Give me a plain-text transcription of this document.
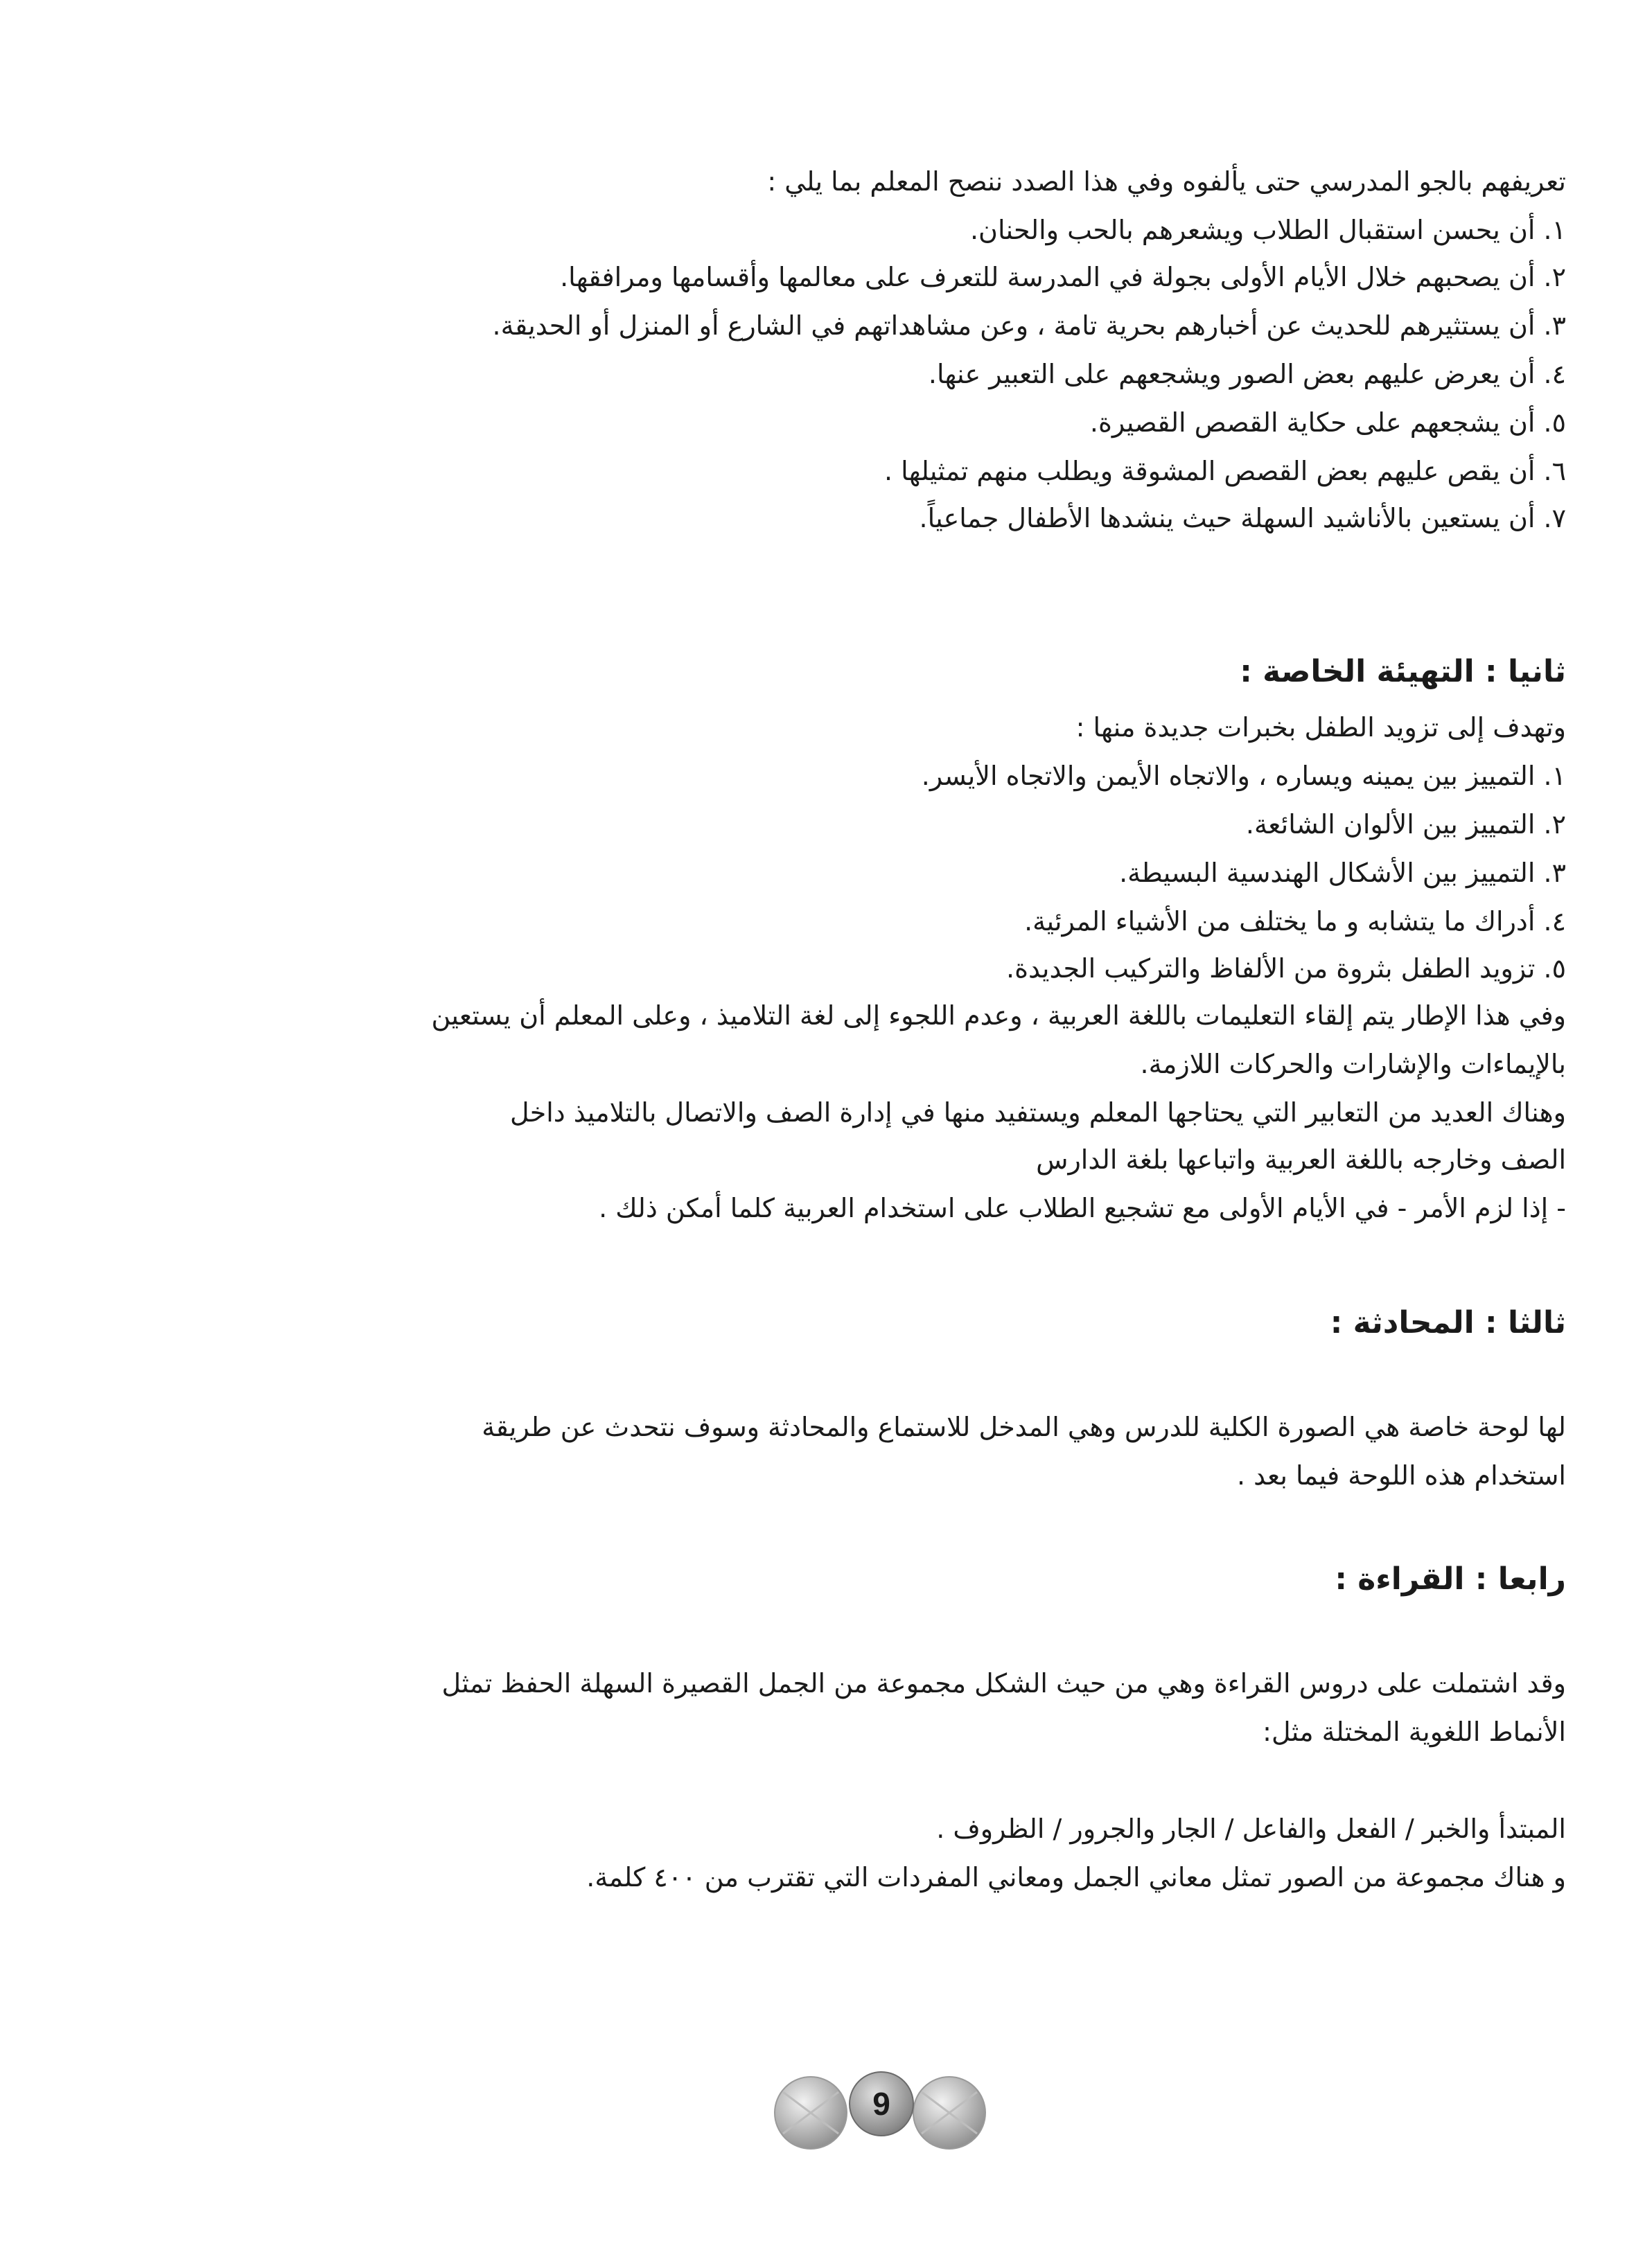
تعريفهم بالجو المدرسي حتى يألفوه وفي هذا الصدد ننصح المعلم بما يلي :
١. أن يحسن استقبال الطلاب ويشعرهم بالحب والحنان.
٢. أن يصحبهم خلال الأيام الأولى بجولة في المدرسة للتعرف على معالمها وأقسامها ومرافقها.
٣. أن يستثيرهم للحديث عن أخبارهم بحرية تامة ، وعن مشاهداتهم في الشارع أو المنزل أو الحديقة.
٤. أن يعرض عليهم بعض الصور ويشجعهم على التعبير عنها.
٥. أن يشجعهم على حكاية القصص القصيرة.
٦. أن يقص عليهم بعض القصص المشوقة ويطلب منهم تمثيلها .
٧. أن يستعين بالأناشيد السهلة حيث ينشدها الأطفال جماعياً.
ثانيا : التهيئة الخاصة :
وتهدف إلى تزويد الطفل بخبرات جديدة منها :
١. التمييز بين يمينه ويساره ، والاتجاه الأيمن والاتجاه الأيسر.
٢. التمييز بين الألوان الشائعة.
٣. التمييز بين الأشكال الهندسية البسيطة.
٤. أدراك ما يتشابه و ما يختلف من الأشياء المرئية.
٥. تزويد الطفل بثروة من الألفاظ والتركيب الجديدة.
وفي هذا الإطار يتم إلقاء التعليمات باللغة العربية ، وعدم اللجوء إلى لغة التلاميذ ، وعلى المعلم أن يستعين
بالإيماءات والإشارات والحركات اللازمة.
وهناك العديد من التعابير التي يحتاجها المعلم ويستفيد منها في إدارة الصف والاتصال بالتلاميذ داخل
الصف وخارجه باللغة العربية واتباعها بلغة الدارس
- إذا لزم الأمر - في الأيام الأولى مع تشجيع الطلاب على استخدام العربية كلما أمكن ذلك .
ثالثا : المحادثة :
لها لوحة خاصة هي الصورة الكلية للدرس وهي المدخل للاستماع والمحادثة وسوف نتحدث عن طريقة
استخدام هذه اللوحة فيما بعد .
رابعا : القراءة :
وقد اشتملت على دروس القراءة وهي من حيث الشكل مجموعة من الجمل القصيرة السهلة الحفظ تمثل
الأنماط اللغوية المختلة مثل:
المبتدأ والخبر / الفعل والفاعل / الجار والجرور / الظروف .
و هناك مجموعة من الصور تمثل معاني الجمل ومعاني المفردات التي تقترب من ٤٠٠ كلمة.
9
